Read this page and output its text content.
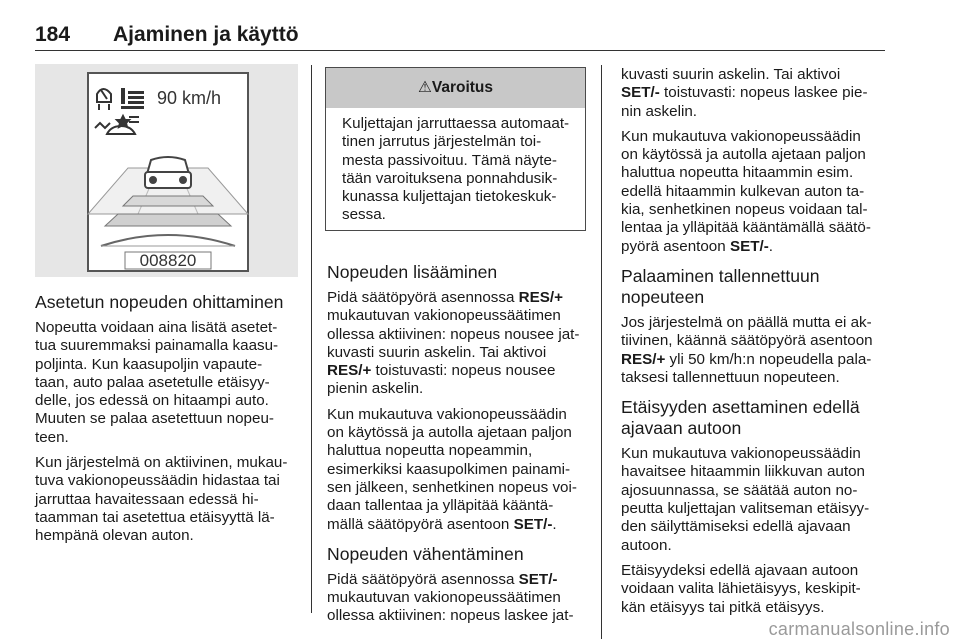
184 Ajaminen ja käyttö
90 km/h
008820
Asetetun nopeuden ohittaminen

Nopeutta voidaan aina lisätä asetet-
tua suuremmaksi painamalla kaasu-
poljinta. Kun kaasupoljin vapaute-
taan, auto palaa asetetulle etäisyy-
delle, jos edessä on hitaampi auto.
Muuten se palaa asetettuun nopeu-
teen.

Kun järjestelmä on aktiivinen, mukau-
tuva vakionopeussäädin hidastaa tai
jarruttaa havaitessaan edessä hi-
taamman tai asetettua etäisyyttä lä-
hempänä olevan auton.

⚠Varoitus
Kuljettajan jarruttaessa automaat-
tinen jarrutus järjestelmän toi-
mesta passivoituu. Tämä näyte-
tään varoituksena ponnahdusik-
kunassa kuljettajan tietokeskuk-
sessa.
Nopeuden lisääminen

Pidä säätöpyörä asennossa RES/+
mukautuvan vakionopeussäätimen
ollessa aktiivinen: nopeus nousee jat-
kuvasti suurin askelin. Tai aktivoi
RES/+ toistuvasti: nopeus nousee
pienin askelin.

Kun mukautuva vakionopeussäädin
on käytössä ja autolla ajetaan paljon
haluttua nopeutta nopeammin,
esimerkiksi kaasupolkimen painami-
sen jälkeen, senhetkinen nopeus voi-
daan tallentaa ja ylläpitää kääntä-
mällä säätöpyörä asentoon SET/-.

Nopeuden vähentäminen

Pidä säätöpyörä asennossa SET/-
mukautuvan vakionopeussäätimen
ollessa aktiivinen: nopeus laskee jat-

kuvasti suurin askelin. Tai aktivoi
SET/- toistuvasti: nopeus laskee pie-
nin askelin.

Kun mukautuva vakionopeussäädin
on käytössä ja autolla ajetaan paljon
haluttua nopeutta hitaammin esim.
edellä hitaammin kulkevan auton ta-
kia, senhetkinen nopeus voidaan tal-
lentaa ja ylläpitää kääntämällä säätö-
pyörä asentoon SET/-.

Palaaminen tallennettuun
nopeuteen

Jos järjestelmä on päällä mutta ei ak-
tiivinen, käännä säätöpyörä asentoon
RES/+ yli 50 km/h:n nopeudella pala-
taksesi tallennettuun nopeuteen.

Etäisyyden asettaminen edellä
ajavaan autoon

Kun mukautuva vakionopeussäädin
havaitsee hitaammin liikkuvan auton
ajosuunnassa, se säätää auton no-
peutta kuljettajan valitseman etäisyy-
den säilyttämiseksi edellä ajavaan
autoon.

Etäisyydeksi edellä ajavaan autoon
voidaan valita lähietäisyys, keskipit-
kän etäisyys tai pitkä etäisyys.

carmanualsonline.info
